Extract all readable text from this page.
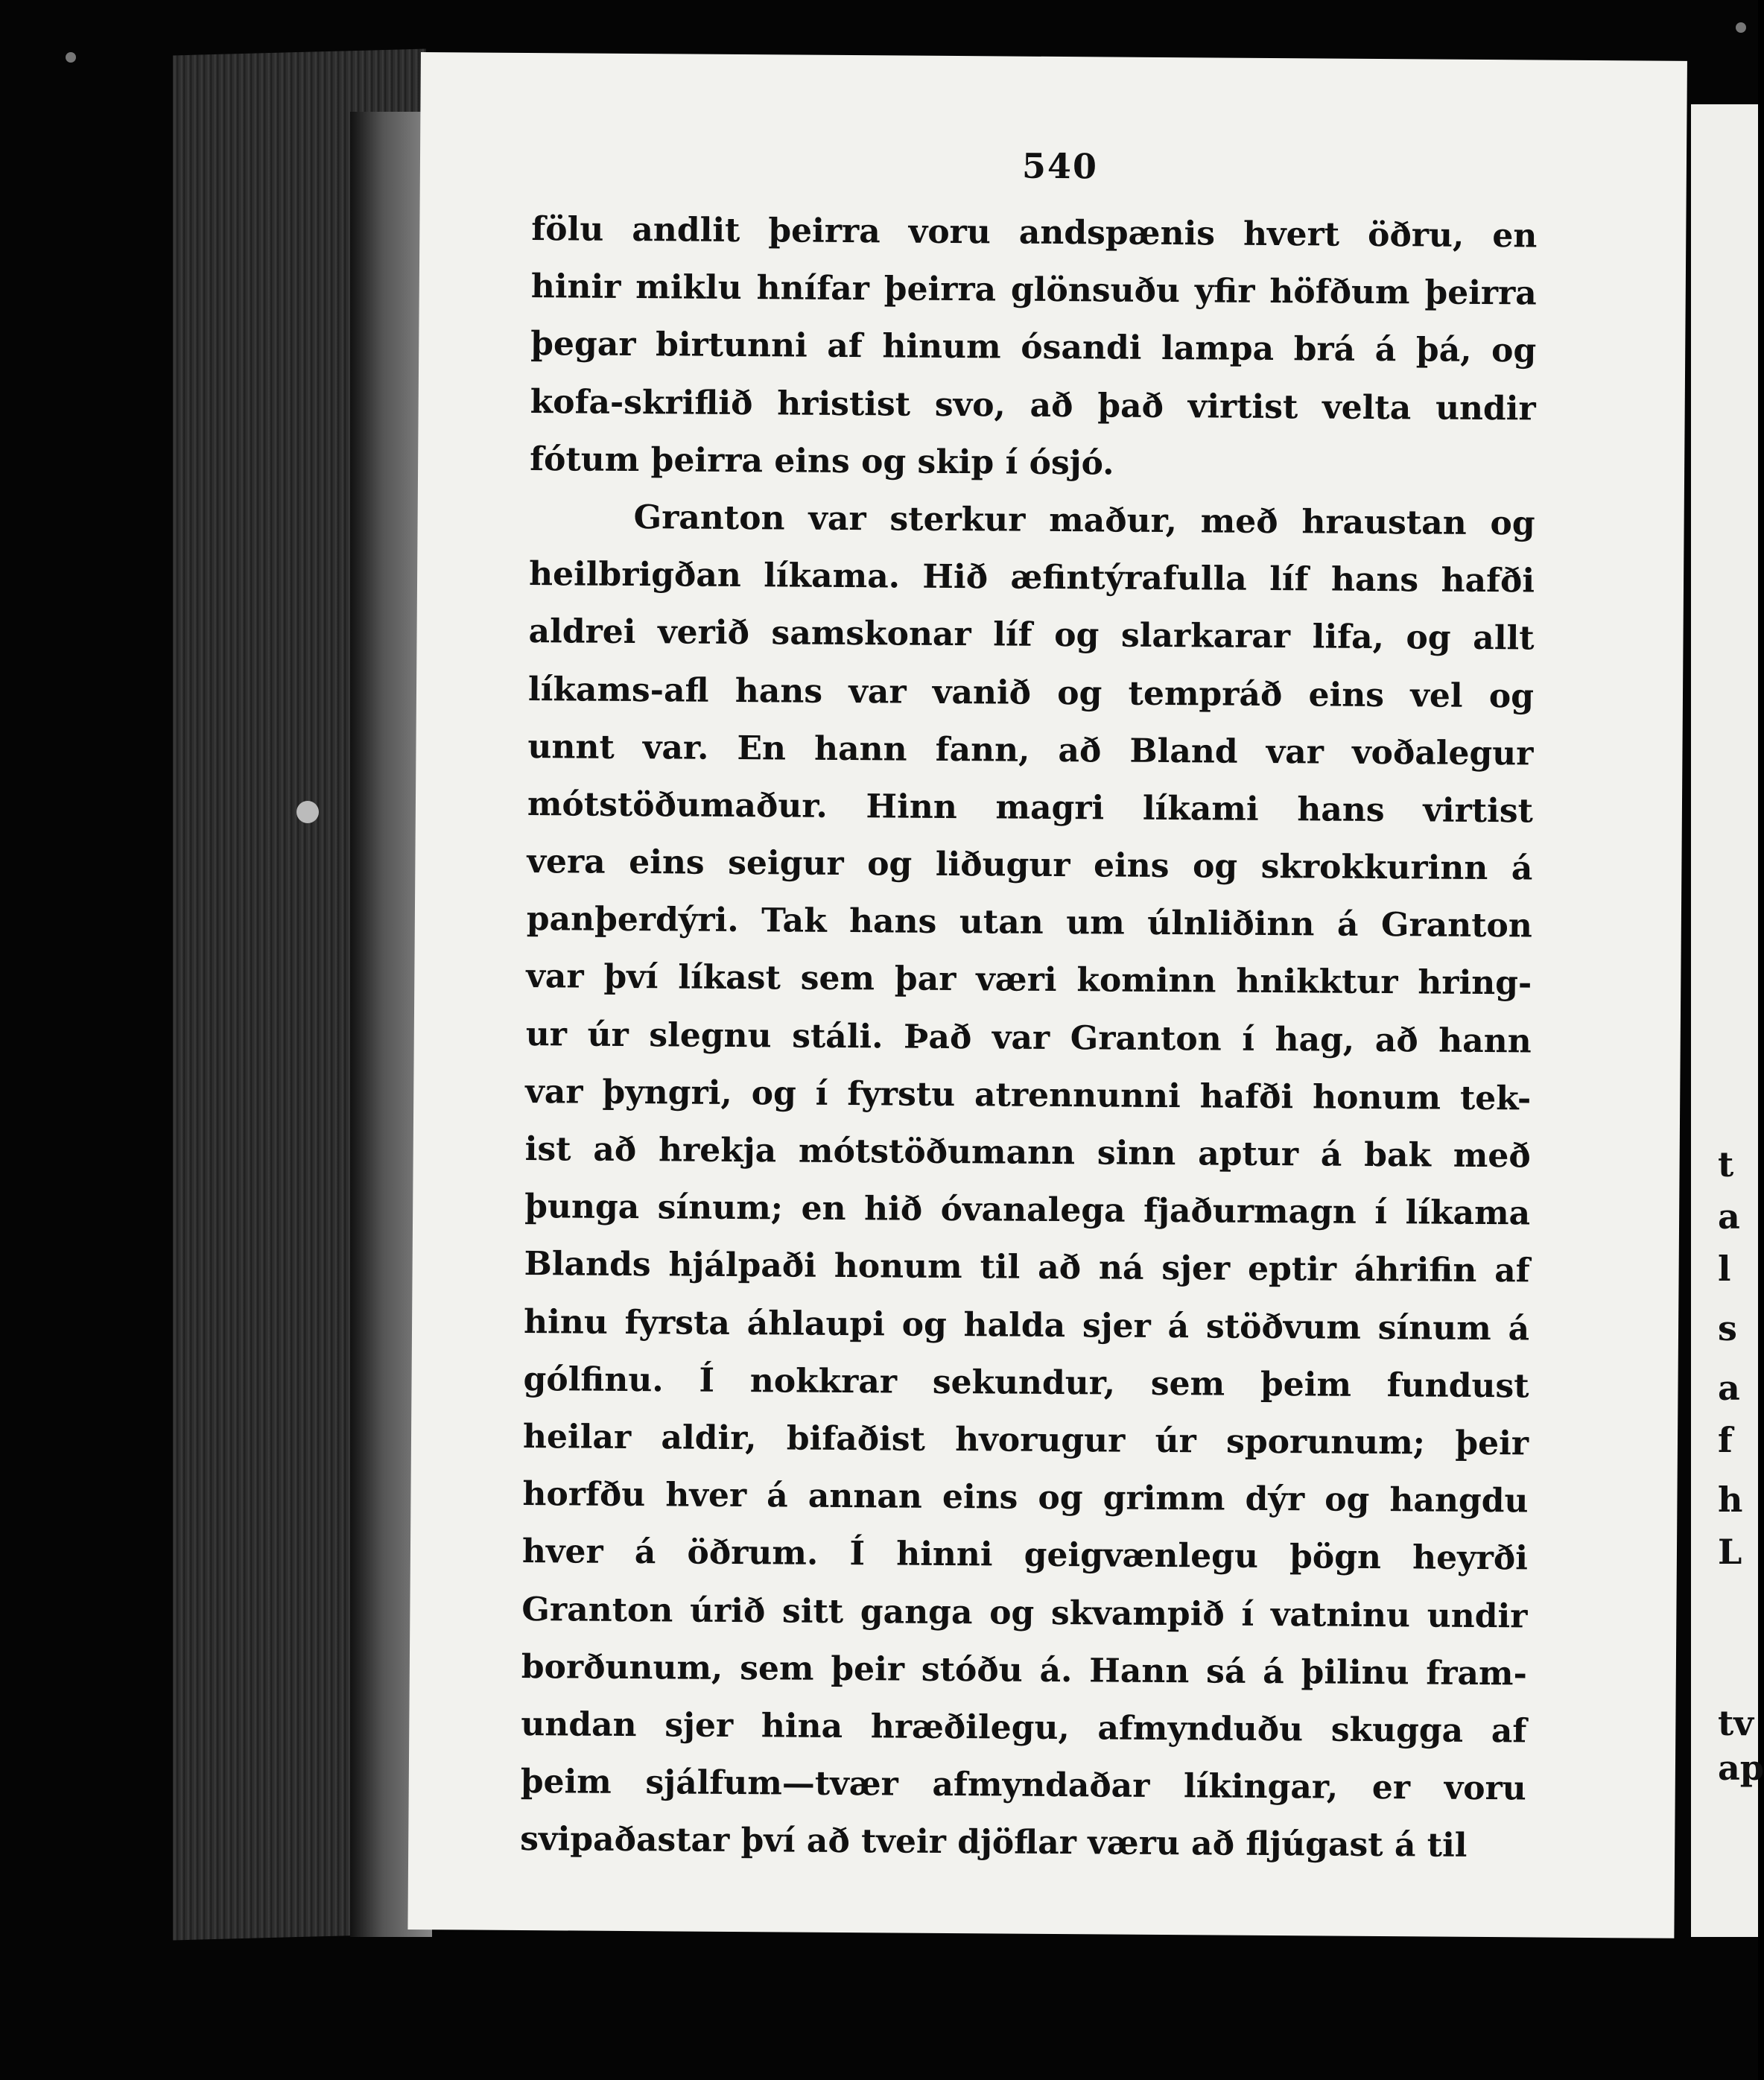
540
fölu andlit þeirra voru andspænis hvert öðru, en
hinir miklu hnífar þeirra glönsuðu yfir höfðum þeirra
þegar birtunni af hinum ósandi lampa brá á þá, og
kofa-skriflið hristist svo, að það virtist velta undir
fótum þeirra eins og skip í ósjó.
Granton var sterkur maður, með hraustan og
heilbrigðan líkama. Hið æfintýrafulla líf hans hafði
aldrei verið samskonar líf og slarkarar lifa, og allt
líkams-afl hans var vanið og tempráð eins vel og
unnt var. En hann fann, að Bland var voðalegur
mótstöðumaður. Hinn magri líkami hans virtist
vera eins seigur og liðugur eins og skrokkurinn á
panþerdýri. Tak hans utan um úlnliðinn á Granton
var því líkast sem þar væri kominn hnikktur hring-
ur úr slegnu stáli. Það var Granton í hag, að hann
var þyngri, og í fyrstu atrennunni hafði honum tek-
ist að hrekja mótstöðumann sinn aptur á bak með
þunga sínum; en hið óvanalega fjaðurmagn í líkama
Blands hjálpaði honum til að ná sjer eptir áhrifin af
hinu fyrsta áhlaupi og halda sjer á stöðvum sínum á
gólfinu. Í nokkrar sekundur, sem þeim fundust
heilar aldir, bifaðist hvorugur úr sporunum; þeir
horfðu hver á annan eins og grimm dýr og hangdu
hver á öðrum. Í hinni geigvænlegu þögn heyrði
Granton úrið sitt ganga og skvampið í vatninu undir
borðunum, sem þeir stóðu á. Hann sá á þilinu fram-
undan sjer hina hræðilegu, afmynduðu skugga af
þeim sjálfum—tvær afmyndaðar líkingar, er voru
svipaðastar því að tveir djöflar væru að fljúgast á til
t
a
l
s
a
f
h
L
tv
ap
